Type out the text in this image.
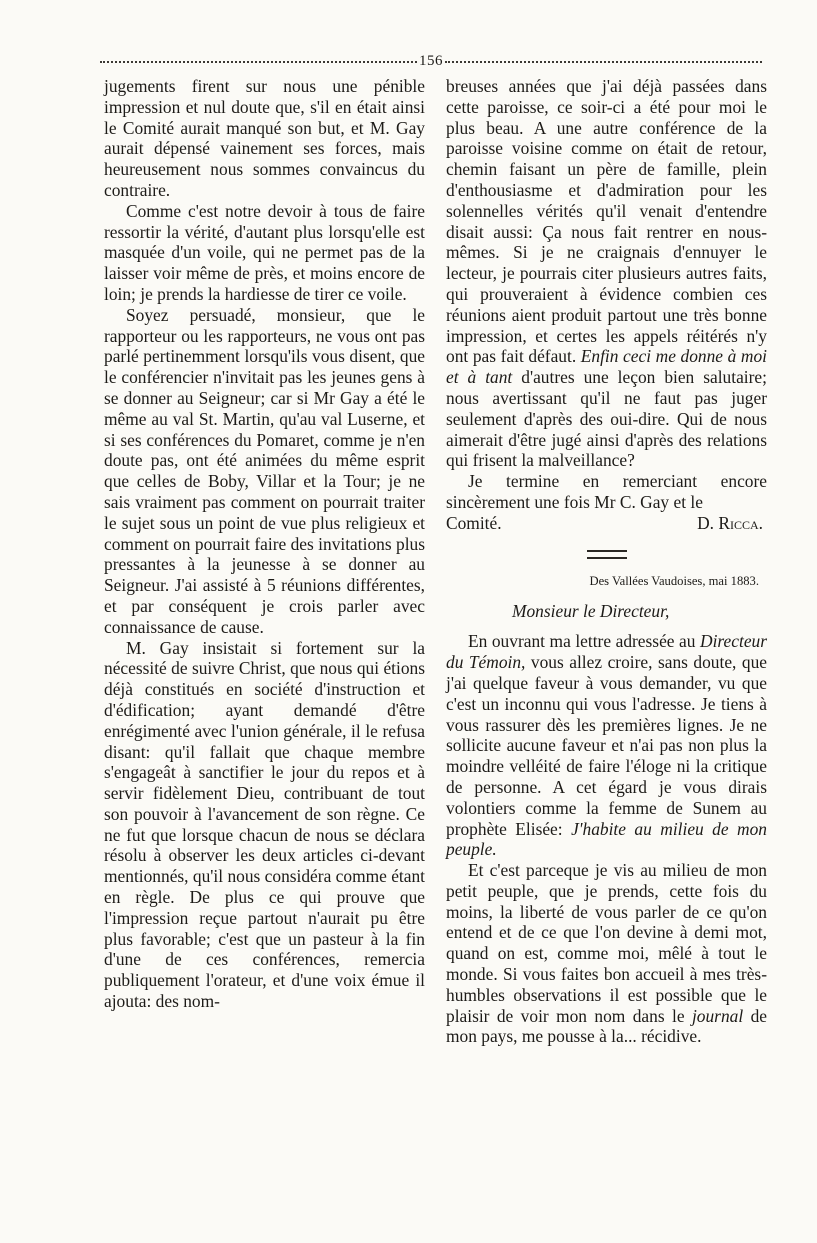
156

jugements firent sur nous une pénible impression et nul doute que, s'il en était ainsi le Comité aurait manqué son but, et M. Gay aurait dépensé vainement ses forces, mais heureusement nous sommes convaincus du contraire.

Comme c'est notre devoir à tous de faire ressortir la vérité, d'autant plus lorsqu'elle est masquée d'un voile, qui ne permet pas de la laisser voir même de près, et moins encore de loin; je prends la hardiesse de tirer ce voile.

Soyez persuadé, monsieur, que le rapporteur ou les rapporteurs, ne vous ont pas parlé pertinemment lorsqu'ils vous disent, que le conférencier n'invitait pas les jeunes gens à se donner au Seigneur; car si Mr Gay a été le même au val St. Martin, qu'au val Luserne, et si ses conférences du Pomaret, comme je n'en doute pas, ont été animées du même esprit que celles de Boby, Villar et la Tour; je ne sais vraiment pas comment on pourrait traiter le sujet sous un point de vue plus religieux et comment on pourrait faire des invitations plus pressantes à la jeunesse à se donner au Seigneur. J'ai assisté à 5 réunions différentes, et par conséquent je crois parler avec connaissance de cause.

M. Gay insistait si fortement sur la nécessité de suivre Christ, que nous qui étions déjà constitués en société d'instruction et d'édification; ayant demandé d'être enrégimenté avec l'union générale, il le refusa disant: qu'il fallait que chaque membre s'engageât à sanctifier le jour du repos et à servir fidèlement Dieu, contribuant de tout son pouvoir à l'avancement de son règne. Ce ne fut que lorsque chacun de nous se déclara résolu à observer les deux articles ci-devant mentionnés, qu'il nous considéra comme étant en règle. De plus ce qui prouve que l'impression reçue partout n'aurait pu être plus favorable; c'est que un pasteur à la fin d'une de ces conférences, remercia publiquement l'orateur, et d'une voix émue il ajouta: des nom-

breuses années que j'ai déjà passées dans cette paroisse, ce soir-ci a été pour moi le plus beau. A une autre conférence de la paroisse voisine comme on était de retour, chemin faisant un père de famille, plein d'enthousiasme et d'admiration pour les solennelles vérités qu'il venait d'entendre disait aussi: Ça nous fait rentrer en nous-mêmes. Si je ne craignais d'ennuyer le lecteur, je pourrais citer plusieurs autres faits, qui prouveraient à évidence combien ces réunions aient produit partout une très bonne impression, et certes les appels réitérés n'y ont pas fait défaut. Enfin ceci me donne à moi et à tant d'autres une leçon bien salutaire; nous avertissant qu'il ne faut pas juger seulement d'après des oui-dire. Qui de nous aimerait d'être jugé ainsi d'après des relations qui frisent la malveillance?

Je termine en remerciant encore sincèrement une fois Mr C. Gay et le

Comité.	D. Ricca.
Des Vallées Vaudoises, mai 1883.
Monsieur le Directeur,

En ouvrant ma lettre adressée au Directeur du Témoin, vous allez croire, sans doute, que j'ai quelque faveur à vous demander, vu que c'est un inconnu qui vous l'adresse. Je tiens à vous rassurer dès les premières lignes. Je ne sollicite aucune faveur et n'ai pas non plus la moindre velléité de faire l'éloge ni la critique de personne. A cet égard je vous dirais volontiers comme la femme de Sunem au prophète Elisée: J'habite au milieu de mon peuple.

Et c'est parceque je vis au milieu de mon petit peuple, que je prends, cette fois du moins, la liberté de vous parler de ce qu'on entend et de ce que l'on devine à demi mot, quand on est, comme moi, mêlé à tout le monde. Si vous faites bon accueil à mes très-humbles observations il est possible que le plaisir de voir mon nom dans le journal de mon pays, me pousse à la... récidive.
